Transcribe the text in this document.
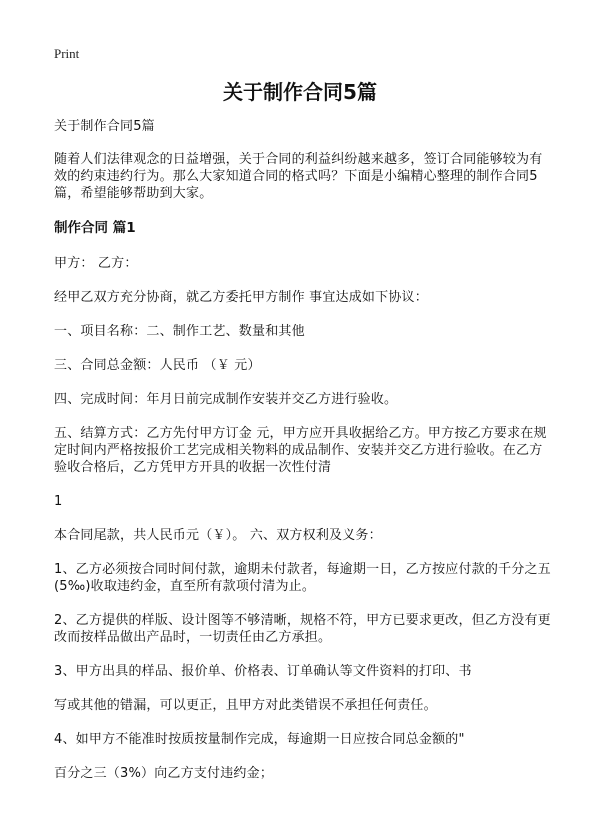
Print
关于制作合同5篇

关于制作合同5篇

随着人们法律观念的日益增强，关于合同的利益纠纷越来越多，签订合同能够较为有效的约束违约行为。那么大家知道合同的格式吗？下面是小编精心整理的制作合同5篇，希望能够帮助到大家。

制作合同 篇1

甲方： 乙方：

经甲乙双方充分协商，就乙方委托甲方制作 事宜达成如下协议：

一、项目名称：二、制作工艺、数量和其他

三、合同总金额：人民币 （￥ 元）

四、完成时间：年月日前完成制作安装并交乙方进行验收。

五、结算方式：乙方先付甲方订金 元，甲方应开具收据给乙方。甲方按乙方要求在规定时间内严格按报价工艺完成相关物料的成品制作、安装并交乙方进行验收。在乙方验收合格后，乙方凭甲方开具的收据一次性付清

1

本合同尾款，共人民币元（￥）。 六、双方权利及义务：

1、乙方必须按合同时间付款，逾期未付款者，每逾期一日，乙方按应付款的千分之五(5‰)收取违约金，直至所有款项付清为止。

2、乙方提供的样版、设计图等不够清晰，规格不符，甲方已要求更改，但乙方没有更改而按样品做出产品时，一切责任由乙方承担。

3、甲方出具的样品、报价单、价格表、订单确认等文件资料的打印、书

写或其他的错漏，可以更正，且甲方对此类错误不承担任何责任。

4、如甲方不能准时按质按量制作完成，每逾期一日应按合同总金额的"

百分之三（3%）向乙方支付违约金；
